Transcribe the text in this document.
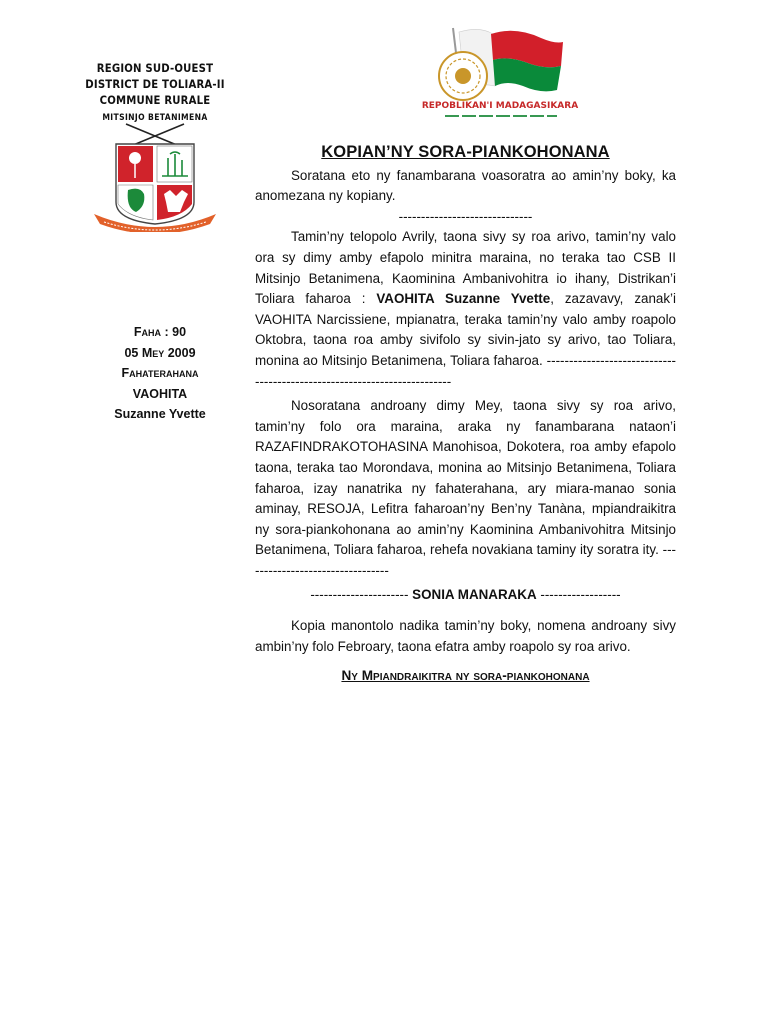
REGION SUD-OUEST
DISTRICT DE TOLIARA-II
COMMUNE RURALE
MITSINJO BETANIMENA
REPOBLIKAN'I MADAGASIKARA
Faha : 90
05 Mey 2009
Fahaterahana
VAOHITA
Suzanne Yvette
KOPIAN’NY SORA-PIANKOHONANA

Soratana eto ny fanambarana voasoratra ao amin’ny boky, ka anomezana ny kopiany.

------------------------------

Tamin’ny telopolo Avrily, taona sivy sy roa arivo, tamin’ny valo ora sy dimy amby efapolo minitra maraina, no teraka tao CSB II Mitsinjo Betanimena, Kaominina Ambanivohitra io ihany, Distrikan’i Toliara faharoa : VAOHITA Suzanne Yvette, zazavavy, zanak’i VAOHITA Narcissiene, mpianatra, teraka tamin’ny valo amby roapolo Oktobra, taona roa amby sivifolo sy sivin-jato sy arivo, tao Toliara, monina ao Mitsinjo Betanimena, Toliara faharoa. -------------------------------------------------------------------------

Nosoratana androany dimy Mey, taona sivy sy roa arivo, tamin’ny folo ora maraina, araka ny fanambarana nataon’i RAZAFINDRAKOTOHASINA Manohisoa, Dokotera, roa amby efapolo taona, teraka tao Morondava, monina ao Mitsinjo Betanimena, Toliara faharoa, izay nanatrika ny fahaterahana, ary miara-manao sonia aminay, RESOJA, Lefitra faharoan’ny Ben’ny Tanàna, mpiandraikitra ny sora-piankohonana ao amin’ny Kaominina Ambanivohitra Mitsinjo Betanimena, Toliara faharoa, rehefa novakiana taminy ity soratra ity. ---------------------------------

---------------------- SONIA MANARAKA ------------------

Kopia manontolo nadika tamin’ny boky, nomena androany sivy ambin’ny folo Febroary, taona efatra amby roapolo sy roa arivo.

Ny Mpiandraikitra ny sora-piankohonana
